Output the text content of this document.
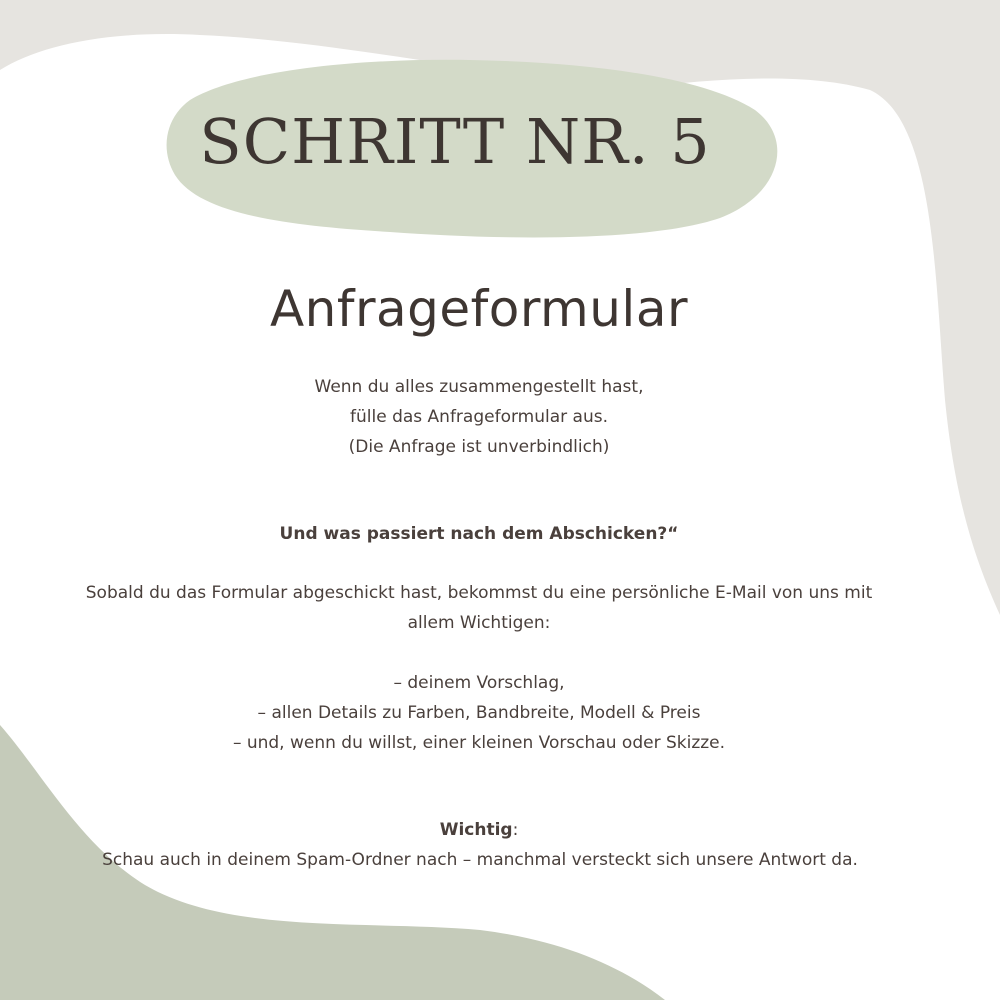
SCHRITT NR. 5
Anfrageformular

Wenn du alles zusammengestellt hast,
fülle das Anfrageformular aus.
(Die Anfrage ist unverbindlich)

Und was passiert nach dem Abschicken?“

Sobald du das Formular abgeschickt hast, bekommst du eine persönliche E-Mail von uns mit allem Wichtigen:

– deinem Vorschlag,
– allen Details zu Farben, Bandbreite, Modell & Preis
– und, wenn du willst, einer kleinen Vorschau oder Skizze.

Wichtig:

Schau auch in deinem Spam-Ordner nach – manchmal versteckt sich unsere Antwort da.
